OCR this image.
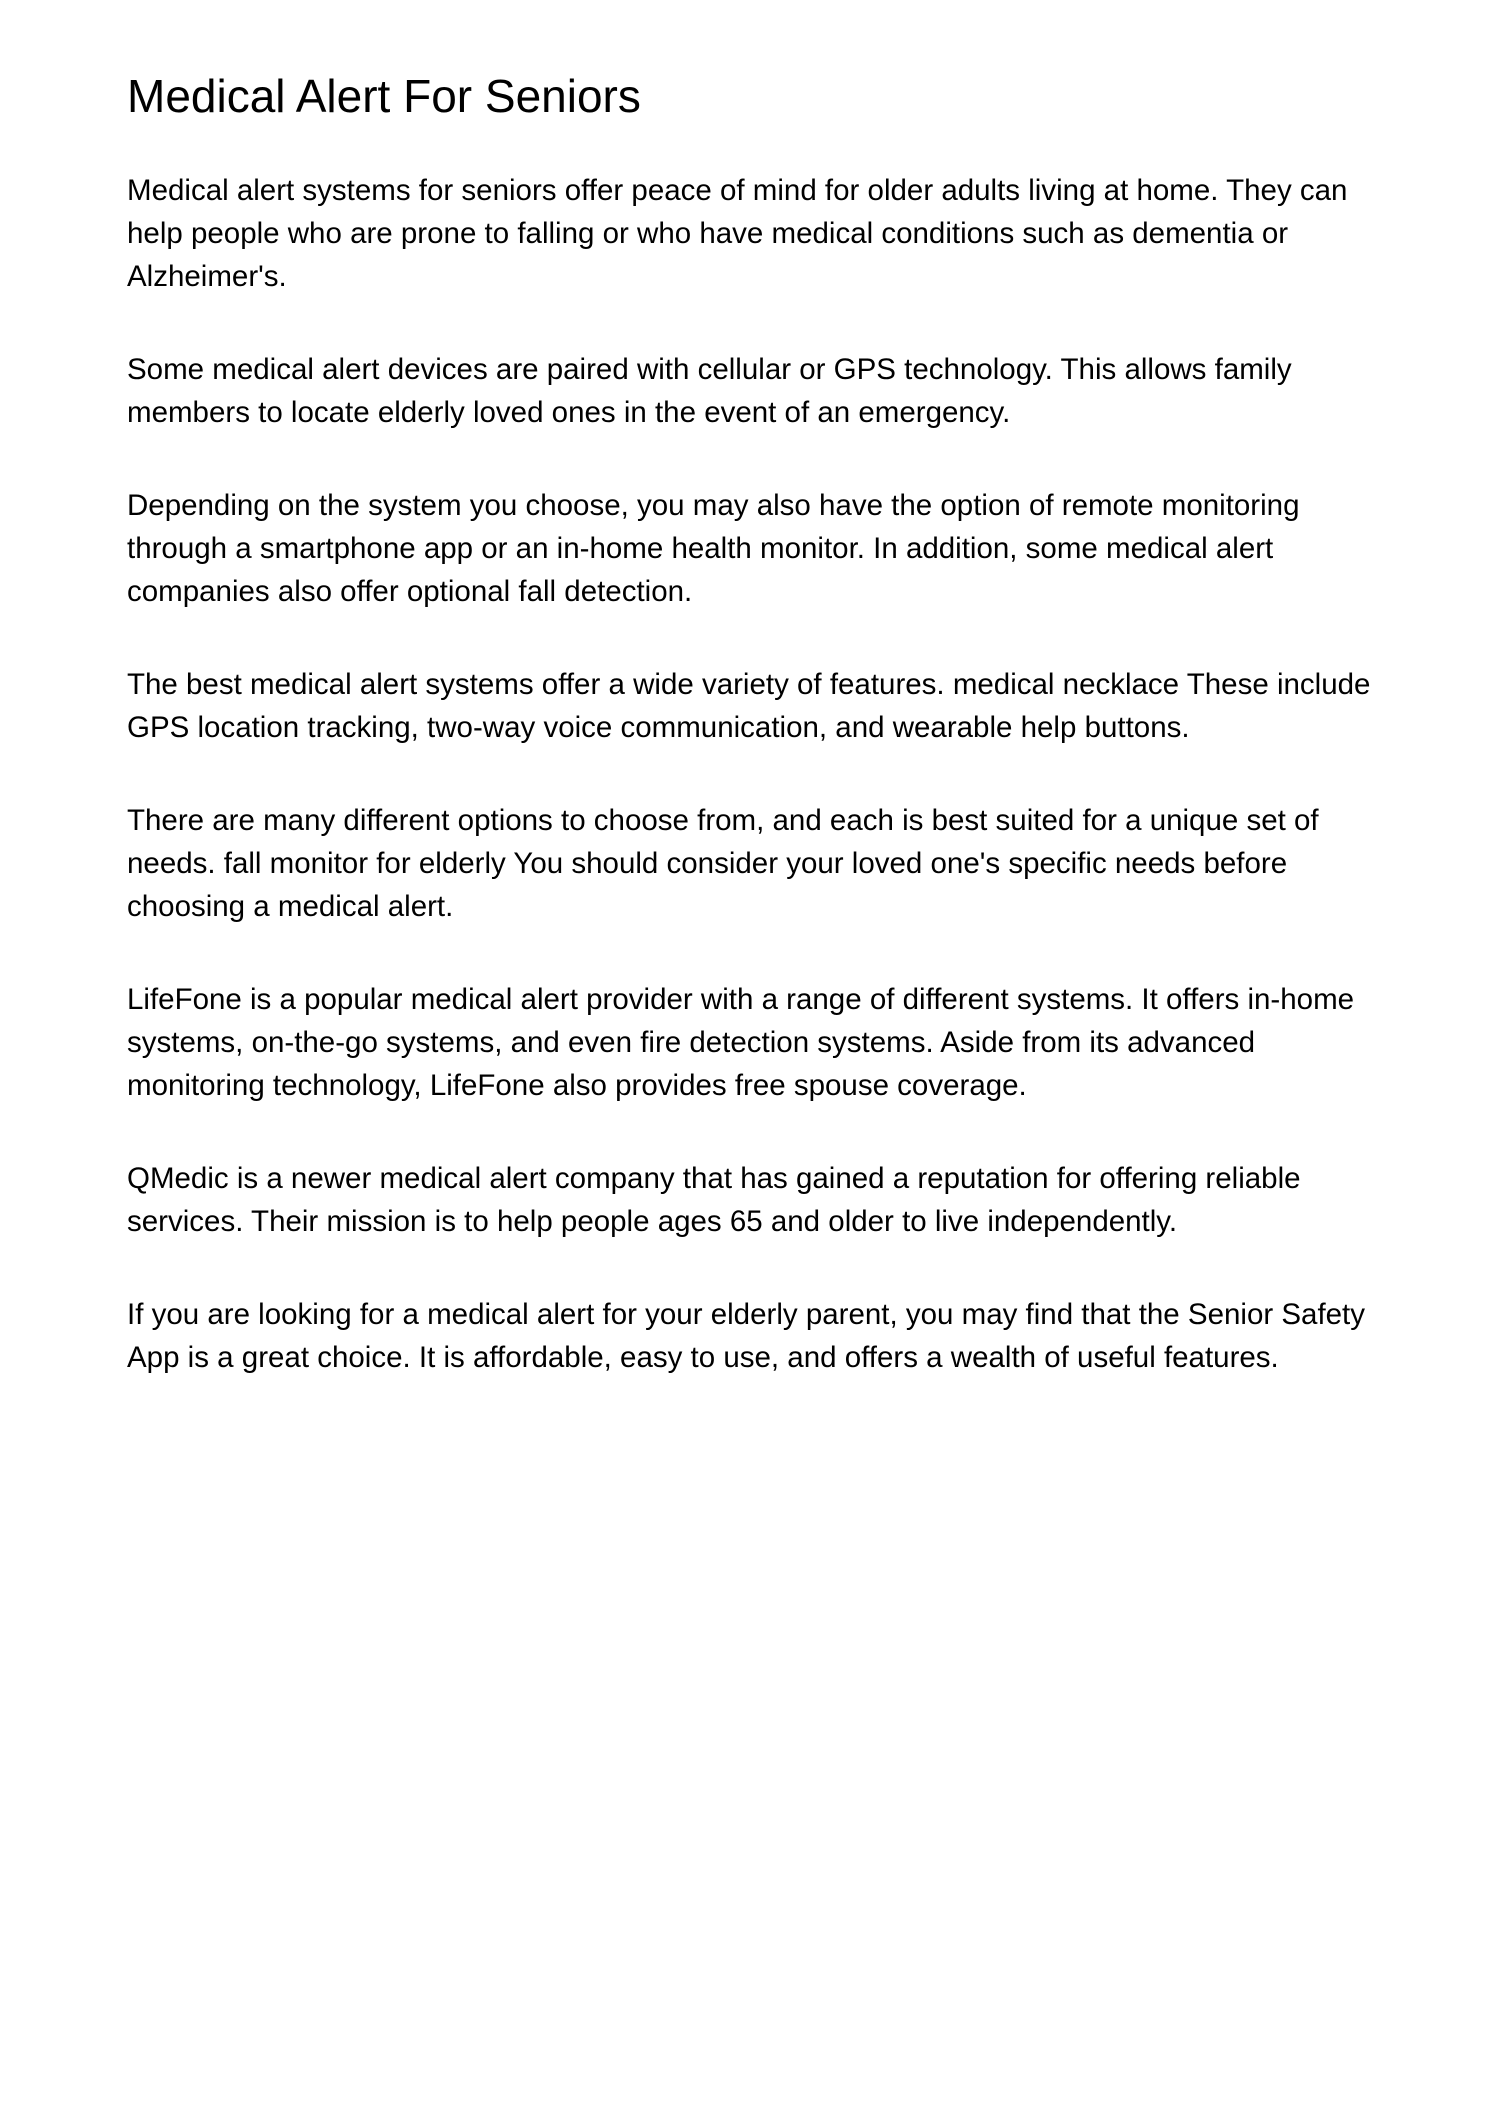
Medical Alert For Seniors

Medical alert systems for seniors offer peace of mind for older adults living at home. They can help people who are prone to falling or who have medical conditions such as dementia or Alzheimer's.

Some medical alert devices are paired with cellular or GPS technology. This allows family members to locate elderly loved ones in the event of an emergency.

Depending on the system you choose, you may also have the option of remote monitoring through a smartphone app or an in-home health monitor. In addition, some medical alert companies also offer optional fall detection.

The best medical alert systems offer a wide variety of features. medical necklace These include GPS location tracking, two-way voice communication, and wearable help buttons.

There are many different options to choose from, and each is best suited for a unique set of needs. fall monitor for elderly You should consider your loved one's specific needs before choosing a medical alert.

LifeFone is a popular medical alert provider with a range of different systems. It offers in-home systems, on-the-go systems, and even fire detection systems. Aside from its advanced monitoring technology, LifeFone also provides free spouse coverage.

QMedic is a newer medical alert company that has gained a reputation for offering reliable services. Their mission is to help people ages 65 and older to live independently.

If you are looking for a medical alert for your elderly parent, you may find that the Senior Safety App is a great choice. It is affordable, easy to use, and offers a wealth of useful features.
